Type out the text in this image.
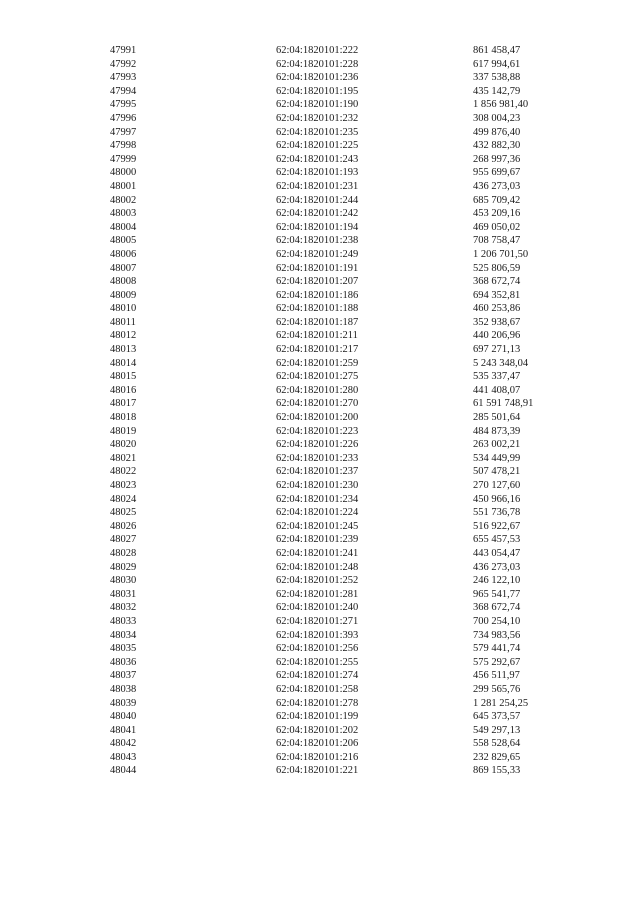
47991	62:04:1820101:222	861 458,47
47992	62:04:1820101:228	617 994,61
47993	62:04:1820101:236	337 538,88
47994	62:04:1820101:195	435 142,79
47995	62:04:1820101:190	1 856 981,40
47996	62:04:1820101:232	308 004,23
47997	62:04:1820101:235	499 876,40
47998	62:04:1820101:225	432 882,30
47999	62:04:1820101:243	268 997,36
48000	62:04:1820101:193	955 699,67
48001	62:04:1820101:231	436 273,03
48002	62:04:1820101:244	685 709,42
48003	62:04:1820101:242	453 209,16
48004	62:04:1820101:194	469 050,02
48005	62:04:1820101:238	708 758,47
48006	62:04:1820101:249	1 206 701,50
48007	62:04:1820101:191	525 806,59
48008	62:04:1820101:207	368 672,74
48009	62:04:1820101:186	694 352,81
48010	62:04:1820101:188	460 253,86
48011	62:04:1820101:187	352 938,67
48012	62:04:1820101:211	440 206,96
48013	62:04:1820101:217	697 271,13
48014	62:04:1820101:259	5 243 348,04
48015	62:04:1820101:275	535 337,47
48016	62:04:1820101:280	441 408,07
48017	62:04:1820101:270	61 591 748,91
48018	62:04:1820101:200	285 501,64
48019	62:04:1820101:223	484 873,39
48020	62:04:1820101:226	263 002,21
48021	62:04:1820101:233	534 449,99
48022	62:04:1820101:237	507 478,21
48023	62:04:1820101:230	270 127,60
48024	62:04:1820101:234	450 966,16
48025	62:04:1820101:224	551 736,78
48026	62:04:1820101:245	516 922,67
48027	62:04:1820101:239	655 457,53
48028	62:04:1820101:241	443 054,47
48029	62:04:1820101:248	436 273,03
48030	62:04:1820101:252	246 122,10
48031	62:04:1820101:281	965 541,77
48032	62:04:1820101:240	368 672,74
48033	62:04:1820101:271	700 254,10
48034	62:04:1820101:393	734 983,56
48035	62:04:1820101:256	579 441,74
48036	62:04:1820101:255	575 292,67
48037	62:04:1820101:274	456 511,97
48038	62:04:1820101:258	299 565,76
48039	62:04:1820101:278	1 281 254,25
48040	62:04:1820101:199	645 373,57
48041	62:04:1820101:202	549 297,13
48042	62:04:1820101:206	558 528,64
48043	62:04:1820101:216	232 829,65
48044	62:04:1820101:221	869 155,33
